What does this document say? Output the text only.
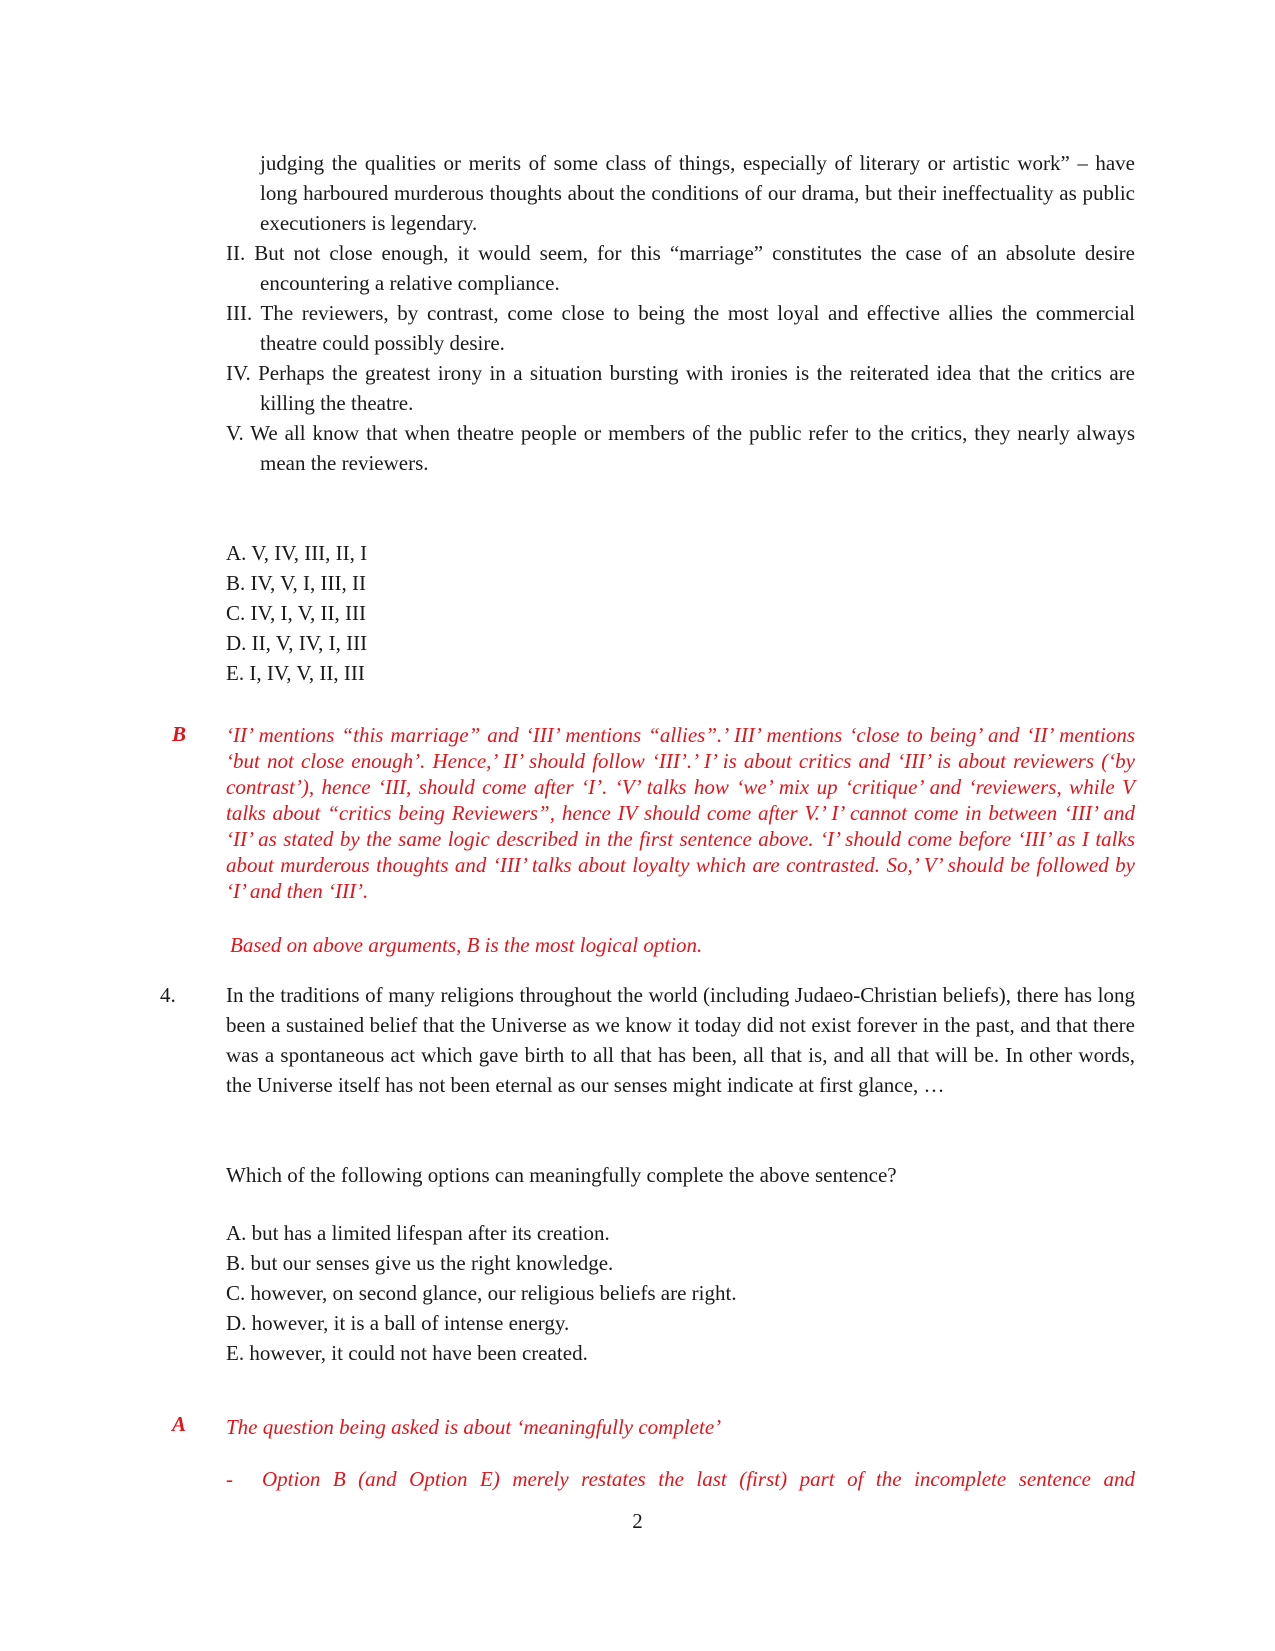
judging the qualities or merits of some class of things, especially of literary or artistic work” – have long harboured murderous thoughts about the conditions of our drama, but their ineffectuality as public executioners is legendary.

II. But not close enough, it would seem, for this “marriage” constitutes the case of an absolute desire encountering a relative compliance.
III. The reviewers, by contrast, come close to being the most loyal and effective allies the commercial theatre could possibly desire.
IV. Perhaps the greatest irony in a situation bursting with ironies is the reiterated idea that the critics are killing the theatre.
V. We all know that when theatre people or members of the public refer to the critics, they nearly always mean the reviewers.
A. V, IV, III, II, I
B. IV, V, I, III, II
C. IV, I, V, II, III
D. II, V, IV, I, III
E. I, IV, V, II, III
B ‘II’ mentions “this marriage” and ‘III’ mentions “allies”.’ III’ mentions ‘close to being’ and ‘II’ mentions ‘but not close enough’. Hence,’ II’ should follow ‘III’.’ I’ is about critics and ‘III’ is about reviewers (‘by contrast’), hence ‘III, should come after ‘I’. ‘V’ talks how ‘we’ mix up ‘critique’ and ‘reviewers, while V talks about “critics being Reviewers”, hence IV should come after V.’ I’ cannot come in between ‘III’ and ‘II’ as stated by the same logic described in the first sentence above. ‘I’ should come before ‘III’ as I talks about murderous thoughts and ‘III’ talks about loyalty which are contrasted. So,’ V’ should be followed by ‘I’ and then ‘III’.

Based on above arguments, B is the most logical option.

4. In the traditions of many religions throughout the world (including Judaeo-Christian beliefs), there has long been a sustained belief that the Universe as we know it today did not exist forever in the past, and that there was a spontaneous act which gave birth to all that has been, all that is, and all that will be. In other words, the Universe itself has not been eternal as our senses might indicate at first glance, …

Which of the following options can meaningfully complete the above sentence?

A. but has a limited lifespan after its creation.
B. but our senses give us the right knowledge.
C. however, on second glance, our religious beliefs are right.
D. however, it is a ball of intense energy.
E. however, it could not have been created.
A The question being asked is about ‘meaningfully complete’

- Option B (and Option E) merely restates the last (first) part of the incomplete sentence and

2
